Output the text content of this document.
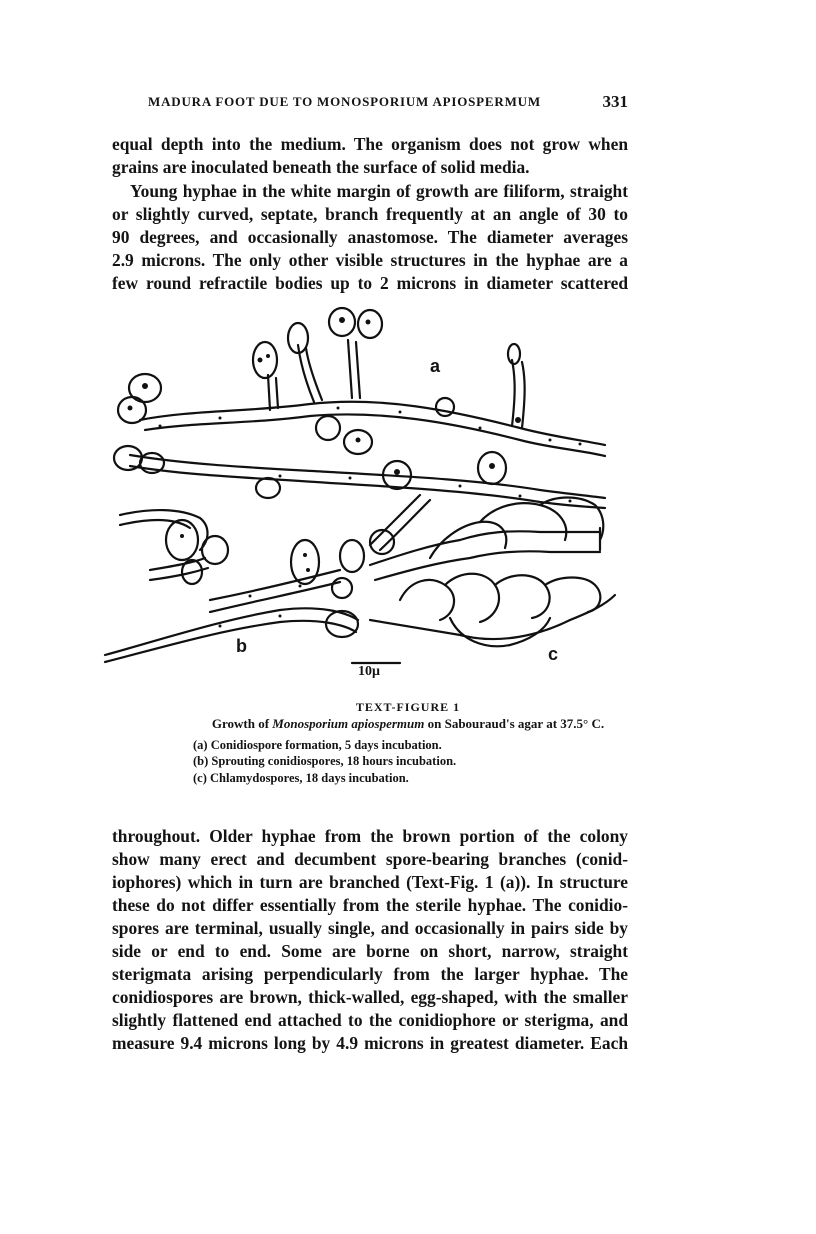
MADURA FOOT DUE TO MONOSPORIUM APIOSPERMUM	331
equal depth into the medium. The organism does not grow when
grains are inoculated beneath the surface of solid media.
Young hyphae in the white margin of growth are filiform, straight
or slightly curved, septate, branch frequently at an angle of 30 to
90 degrees, and occasionally anastomose. The diameter averages
2.9 microns. The only other visible structures in the hyphae are a
few round refractile bodies up to 2 microns in diameter scattered
a
b	c
10μ
TEXT-FIGURE 1
Growth of Monosporium apiospermum on Sabouraud's agar at 37.5° C.
(a) Conidiospore formation, 5 days incubation.
(b) Sprouting conidiospores, 18 hours incubation.
(c) Chlamydospores, 18 days incubation.
throughout. Older hyphae from the brown portion of the colony
show many erect and decumbent spore-bearing branches (conid-
iophores) which in turn are branched (Text-Fig. 1 (a)). In structure
these do not differ essentially from the sterile hyphae. The conidio-
spores are terminal, usually single, and occasionally in pairs side by
side or end to end. Some are borne on short, narrow, straight
sterigmata arising perpendicularly from the larger hyphae. The
conidiospores are brown, thick-walled, egg-shaped, with the smaller
slightly flattened end attached to the conidiophore or sterigma, and
measure 9.4 microns long by 4.9 microns in greatest diameter. Each
